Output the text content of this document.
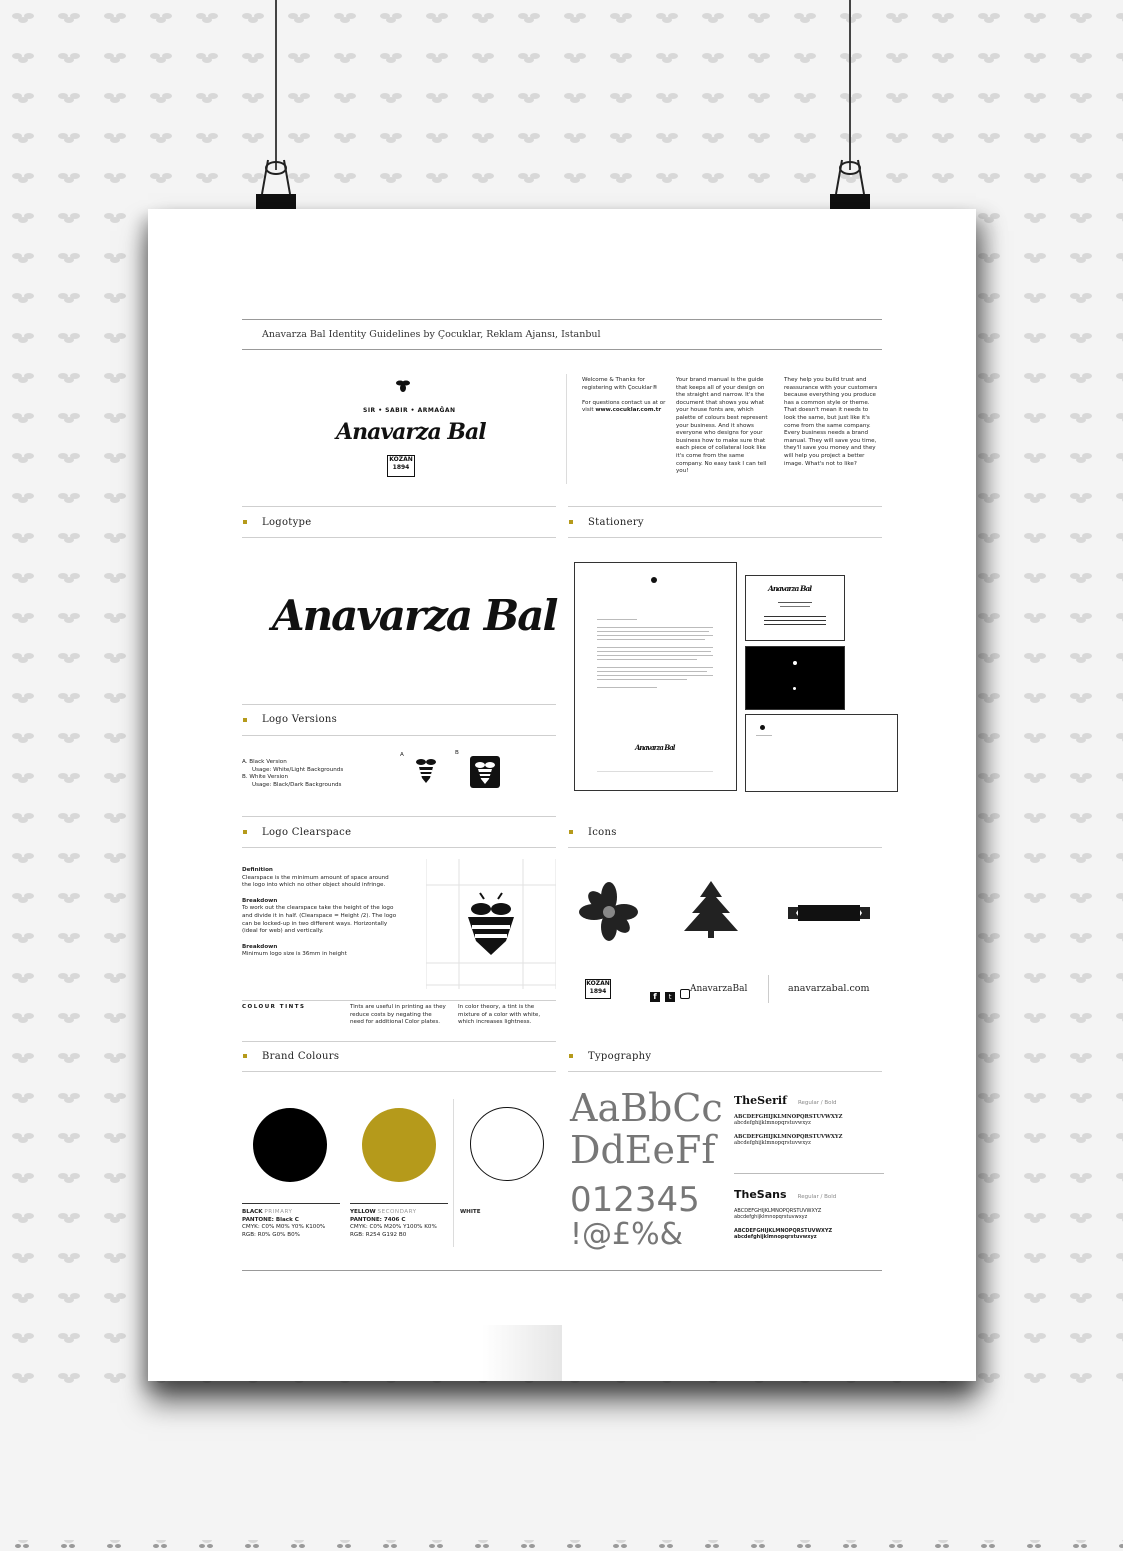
Anavarza Bal Identity Guidelines by Çocuklar, Reklam Ajansı, Istanbul
SIR • SABIR • ARMAĞAN
Anavarza Bal
KOZAN
1894
Welcome & Thanks for registering with Çocuklar®

For questions contact us at or visit www.cocuklar.com.tr
Your brand manual is the guide that keeps all of your design on the straight and narrow. It's the document that shows you what your house fonts are, which palette of colours best represent your business. And it shows everyone who designs for your business how to make sure that each piece of collateral look like it's come from the same company. No easy task I can tell you!
They help you build trust and reassurance with your customers because everything you produce has a common style or theme. That doesn't mean it needs to look the same, but just like it's come from the same company. Every business needs a brand manual. They will save you time, they'll save you money and they will help you project a better image. What's not to like?
Logotype
Anavarza Bal
Stationery
Anavarza Bal
Anavarza Bal
Logo Versions
A. Black Version
Usage: White/Light Backgrounds
B. White Version
Usage: Black/Dark Backgrounds
A	B
Logo Clearspace
Definition
Clearspace is the minimum amount of space around the logo into which no other object should infringe.
Breakdown
To work out the clearspace take the height of the logo and divide it in half. (Clearspace = Height /2). The logo can be locked-up in two different ways. Horizontally (ideal for web) and vertically.
Breakdown
Minimum logo size is 36mm in height
COLOUR TINTS	Tints are useful in printing as they reduce costs by negating the need for additional Color plates.
In color theory, a tint is the mixture of a color with white, which increases lightness.
Icons
KOZAN
1894
f t
AnavarzaBal	anavarzabal.com
Brand Colours
BLACK PRIMARY
PANTONE: Black C
CMYK: C0% M0% Y0% K100%
RGB: R0% G0% B0%
YELLOW SECONDARY
PANTONE: 7406 C
CMYK: C0% M20% Y100% K0%
RGB: R254 G192 B0
WHITE
Typography
AaBbCc
DdEeFf
012345
!@£%&
TheSerif Regular / Bold
ABCDEFGHIJKLMNOPQRSTUVWXYZ
abcdefghijklmnopqrstuvwxyz
ABCDEFGHIJKLMNOPQRSTUVWXYZ
abcdefghijklmnopqrstuvwxyz
TheSans Regular / Bold
ABCDEFGHIJKLMNOPQRSTUVWXYZ
abcdefghijklmnopqrstuvwxyz
ABCDEFGHIJKLMNOPQRSTUVWXYZ
abcdefghijklmnopqrstuvwxyz
